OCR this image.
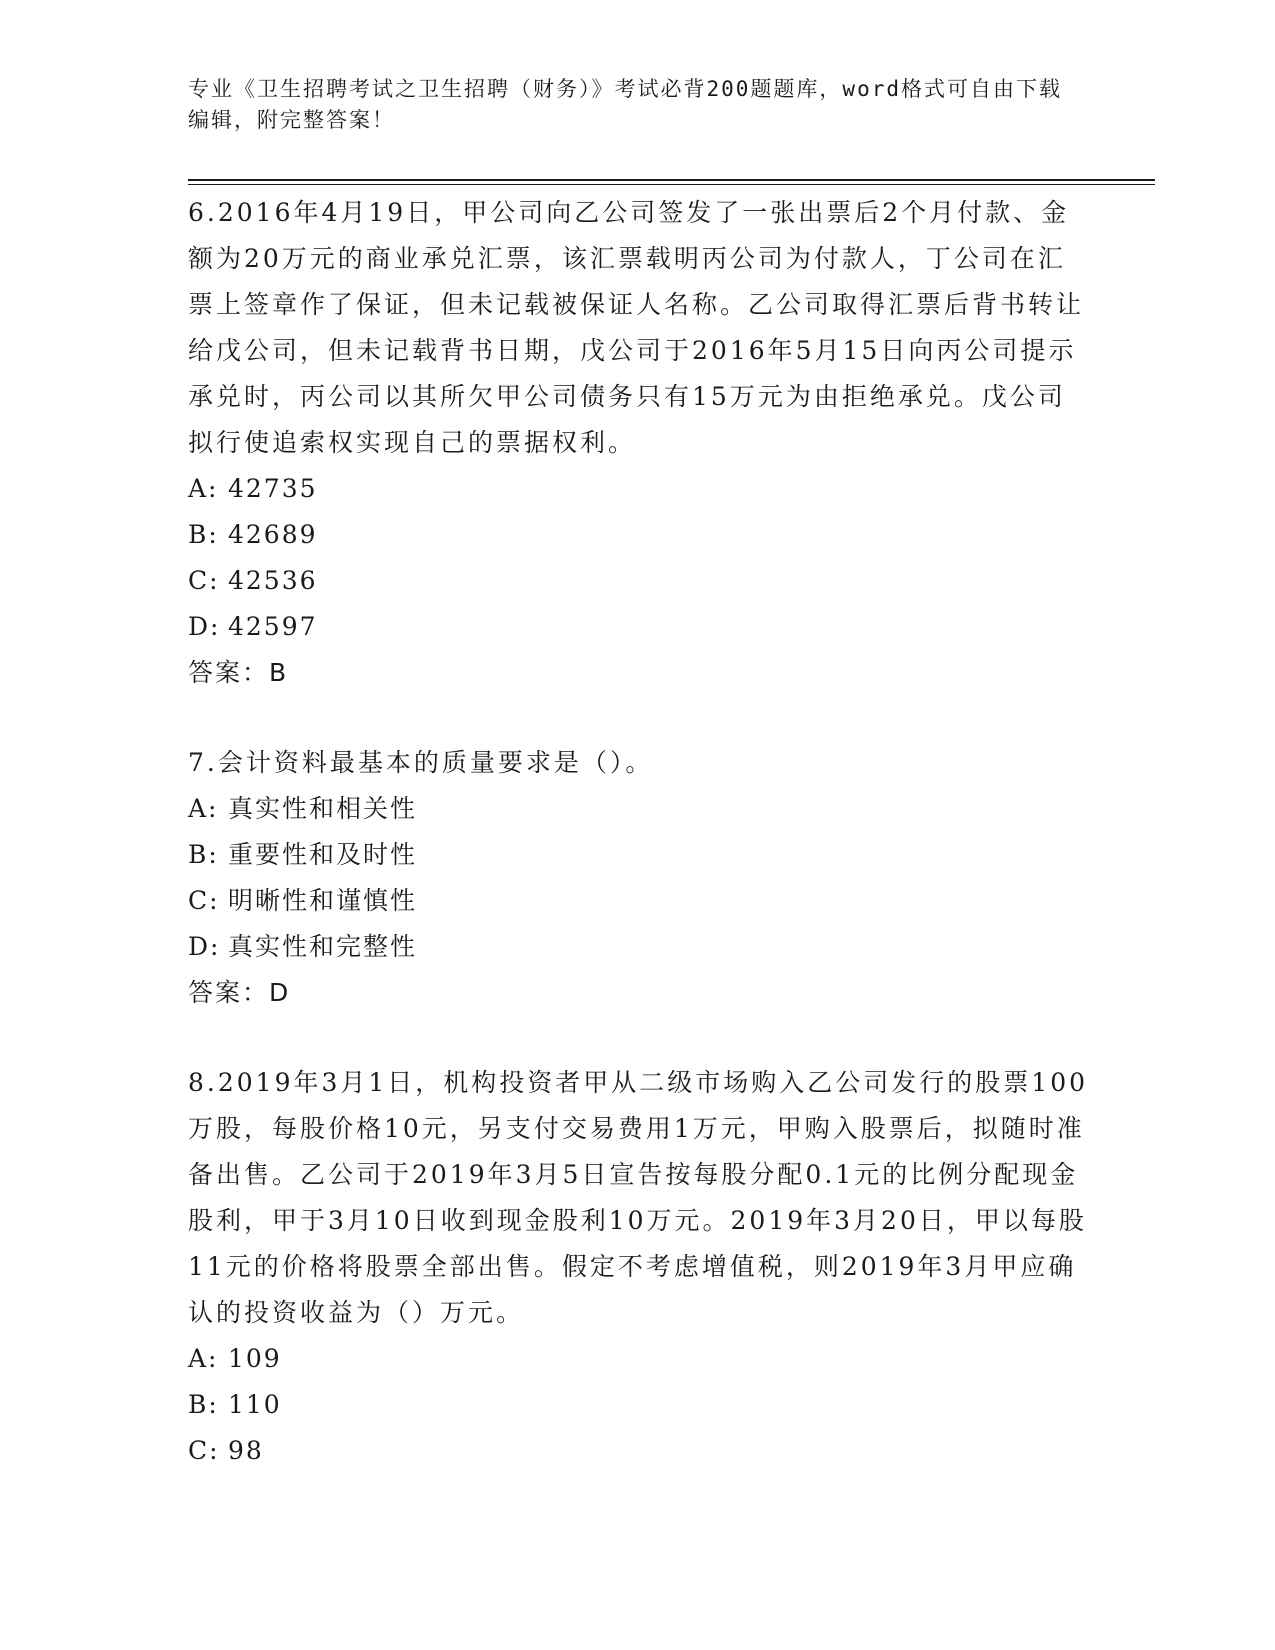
专业《卫生招聘考试之卫生招聘（财务）》考试必背200题题库，word格式可自由下载编辑，附完整答案！

6.2016年4月19日，甲公司向乙公司签发了一张出票后2个月付款、金额为20万元的商业承兑汇票，该汇票载明丙公司为付款人，丁公司在汇票上签章作了保证，但未记载被保证人名称。乙公司取得汇票后背书转让给戊公司，但未记载背书日期，戊公司于2016年5月15日向丙公司提示承兑时，丙公司以其所欠甲公司债务只有15万元为由拒绝承兑。戊公司拟行使追索权实现自己的票据权利。

A: 42735

B: 42689

C: 42536

D: 42597

答案：B

7.会计资料最基本的质量要求是（）。

A: 真实性和相关性

B: 重要性和及时性

C: 明晰性和谨慎性

D: 真实性和完整性

答案：D

8.2019年3月1日，机构投资者甲从二级市场购入乙公司发行的股票100万股，每股价格10元，另支付交易费用1万元，甲购入股票后，拟随时准备出售。乙公司于2019年3月5日宣告按每股分配0.1元的比例分配现金股利，甲于3月10日收到现金股利10万元。2019年3月20日，甲以每股11元的价格将股票全部出售。假定不考虑增值税，则2019年3月甲应确认的投资收益为（）万元。

A: 109

B: 110

C: 98
